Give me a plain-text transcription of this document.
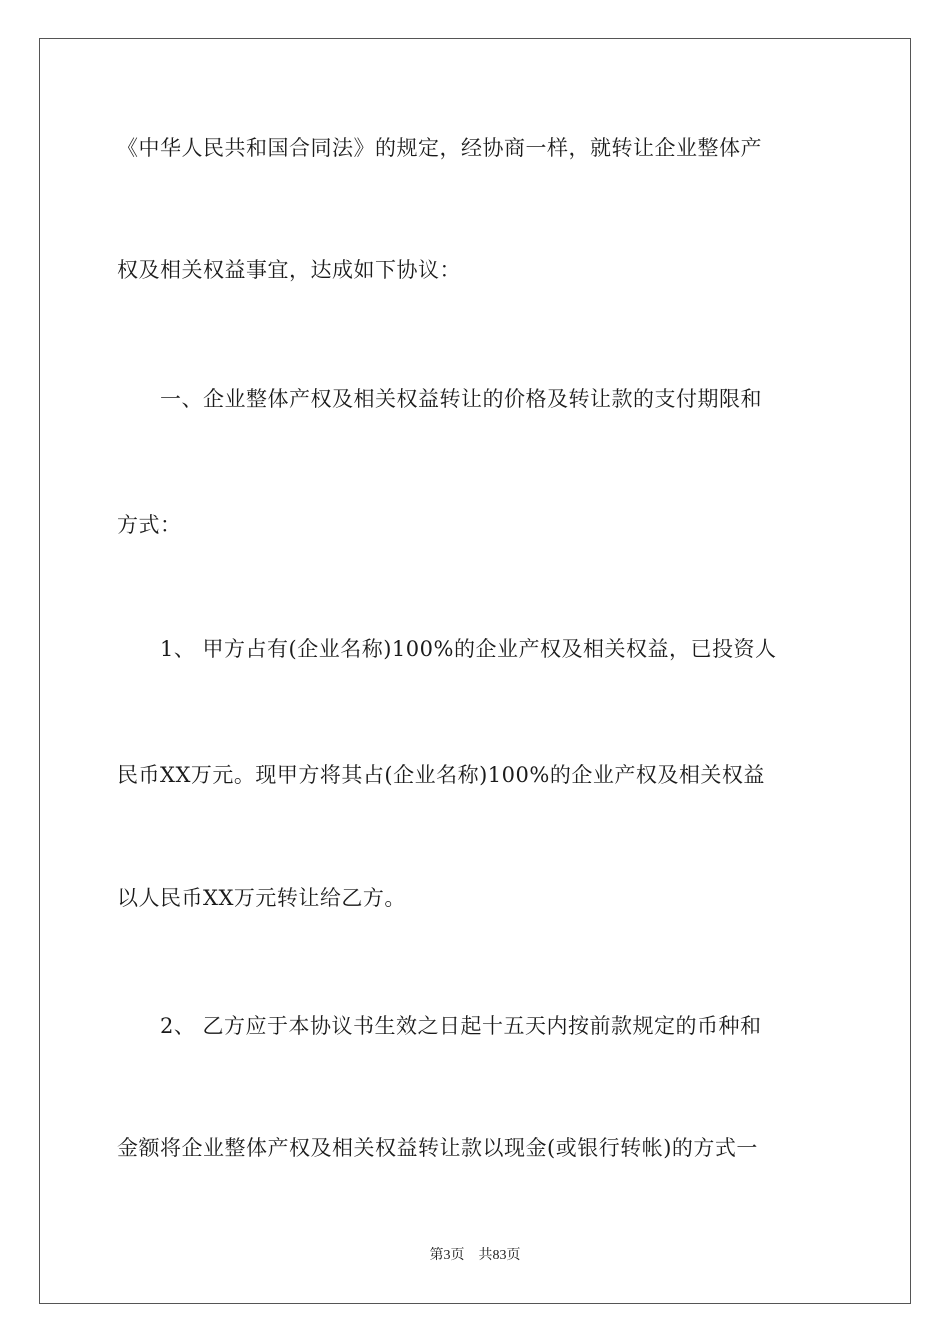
《中华人民共和国合同法》的规定，经协商一样，就转让企业整体产
权及相关权益事宜，达成如下协议：
　　一、企业整体产权及相关权益转让的价格及转让款的支付期限和
方式：
　　1、 甲方占有(企业名称)100%的企业产权及相关权益，已投资人
民币XX万元。现甲方将其占(企业名称)100%的企业产权及相关权益
以人民币XX万元转让给乙方。
　　2、 乙方应于本协议书生效之日起十五天内按前款规定的币种和
金额将企业整体产权及相关权益转让款以现金(或银行转帐)的方式一
第3页 共83页
